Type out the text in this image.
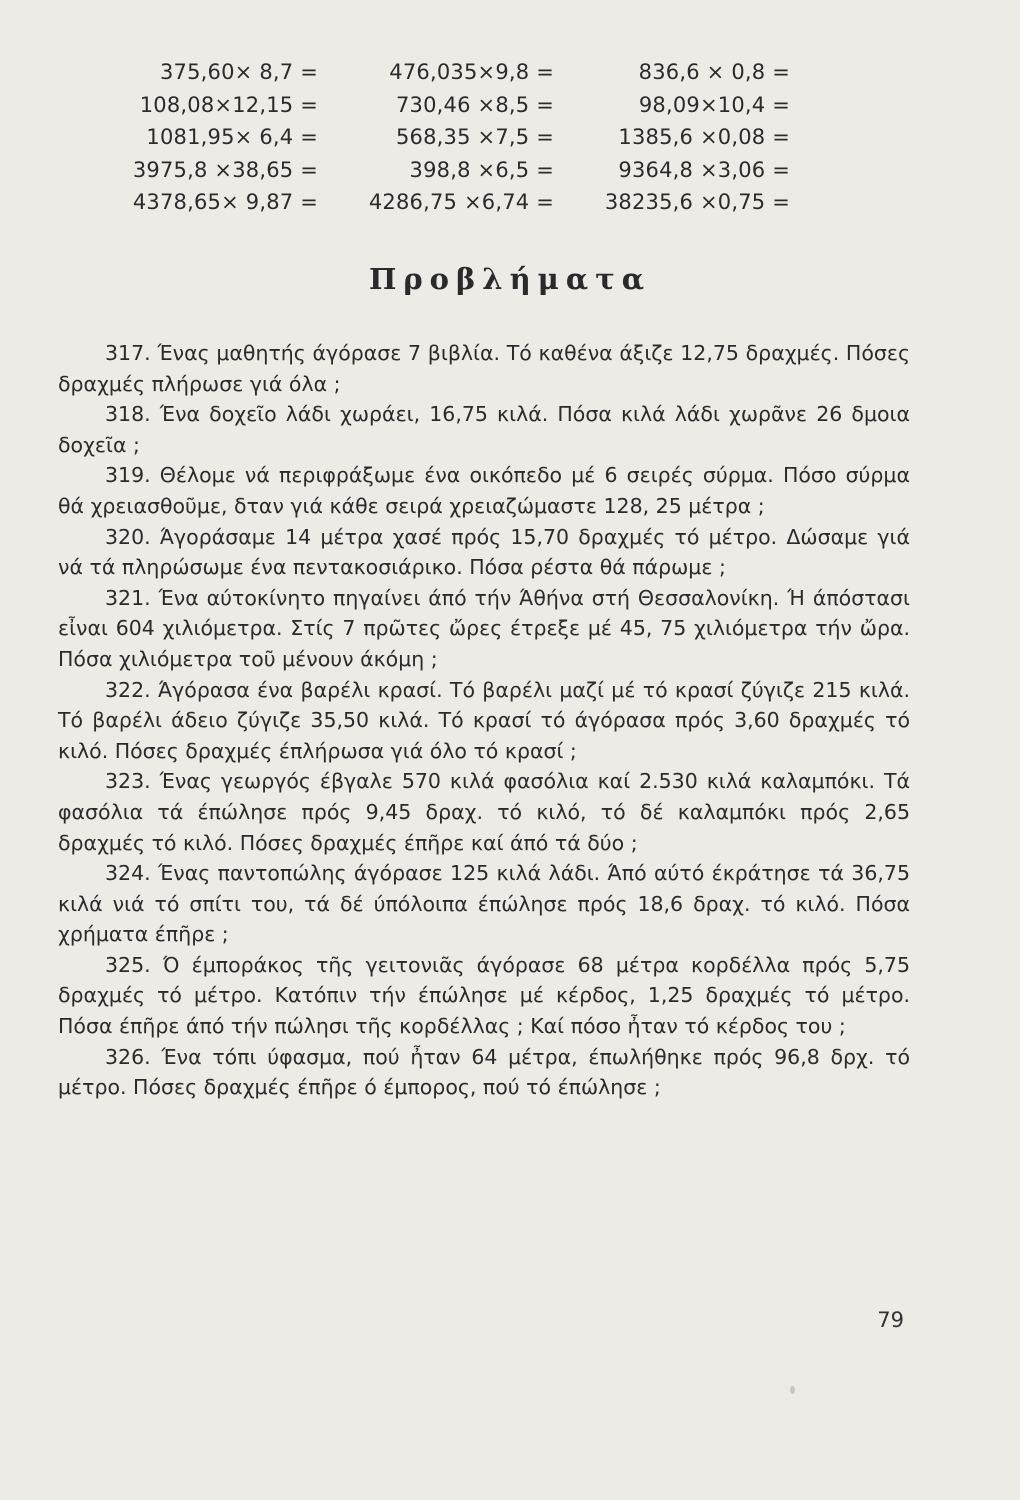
375,60⨯ 8,7 =	476,035⨯9,8 =	836,6 ⨯ 0,8 =
108,08⨯12,15 =	730,46 ⨯8,5 =	98,09⨯10,4 =
1081,95⨯ 6,4 =	568,35 ⨯7,5 =	1385,6 ⨯0,08 =
3975,8 ⨯38,65 =	398,8 ⨯6,5 =	9364,8 ⨯3,06 =
4378,65⨯ 9,87 =	4286,75 ⨯6,74 =	38235,6 ⨯0,75 =
Προβλήματα

317. Ένας μαθητής άγόρασε 7 βιβλία. Τό καθένα άξιζε 12,75 δραχμές. Πόσες δραχμές πλήρωσε γιά όλα ;

318. Ένα δοχεῖο λάδι χωράει, 16,75 κιλά. Πόσα κιλά λάδι χωρᾶνε 26 δμοια δοχεῖα ;

319. Θέλομε νά περιφράξωμε ένα οικόπεδο μέ 6 σειρές σύρμα. Πόσο σύρμα θά χρειασθοῦμε, δταν γιά κάθε σειρά χρειαζώμαστε 128, 25 μέτρα ;

320. Άγοράσαμε 14 μέτρα χασέ πρός 15,70 δραχμές τό μέτρο. Δώσαμε γιά νά τά πληρώσωμε ένα πεντακοσιάρικο. Πόσα ρέστα θά πάρωμε ;

321. Ένα αύτοκίνητο πηγαίνει άπό τήν Άθήνα στή Θεσσαλονίκη. Ή άπόστασι εἶναι 604 χιλιόμετρα. Στίς 7 πρῶτες ὤρες έτρεξε μέ 45, 75 χιλιόμετρα τήν ὤρα. Πόσα χιλιόμετρα τοῦ μένουν άκόμη ;

322. Άγόρασα ένα βαρέλι κρασί. Τό βαρέλι μαζί μέ τό κρασί ζύγιζε 215 κιλά. Τό βαρέλι άδειο ζύγιζε 35,50 κιλά. Τό κρασί τό άγόρασα πρός 3,60 δραχμές τό κιλό. Πόσες δραχμές έπλήρωσα γιά όλο τό κρασί ;

323. Ένας γεωργός έβγαλε 570 κιλά φασόλια καί 2.530 κιλά καλαμπόκι. Τά φασόλια τά έπώλησε πρός 9,45 δραχ. τό κιλό, τό δέ καλαμπόκι πρός 2,65 δραχμές τό κιλό. Πόσες δραχμές έπῆρε καί άπό τά δύο ;

324. Ένας παντοπώλης άγόρασε 125 κιλά λάδι. Άπό αύτό έκράτησε τά 36,75 κιλά νιά τό σπίτι του, τά δέ ύπόλοιπα έπώλησε πρός 18,6 δραχ. τό κιλό. Πόσα χρήματα έπῆρε ;

325. Ό έμποράκος τῆς γειτονιᾶς άγόρασε 68 μέτρα κορδέλλα πρός 5,75 δραχμές τό μέτρο. Κατόπιν τήν έπώλησε μέ κέρδος, 1,25 δραχμές τό μέτρο. Πόσα έπῆρε άπό τήν πώλησι τῆς κορδέλλας ; Καί πόσο ἦταν τό κέρδος του ;

326. Ένα τόπι ύφασμα, πού ἦταν 64 μέτρα, έπωλήθηκε πρός 96,8 δρχ. τό μέτρο. Πόσες δραχμές έπῆρε ό έμπορος, πού τό έπώλησε ;

79
